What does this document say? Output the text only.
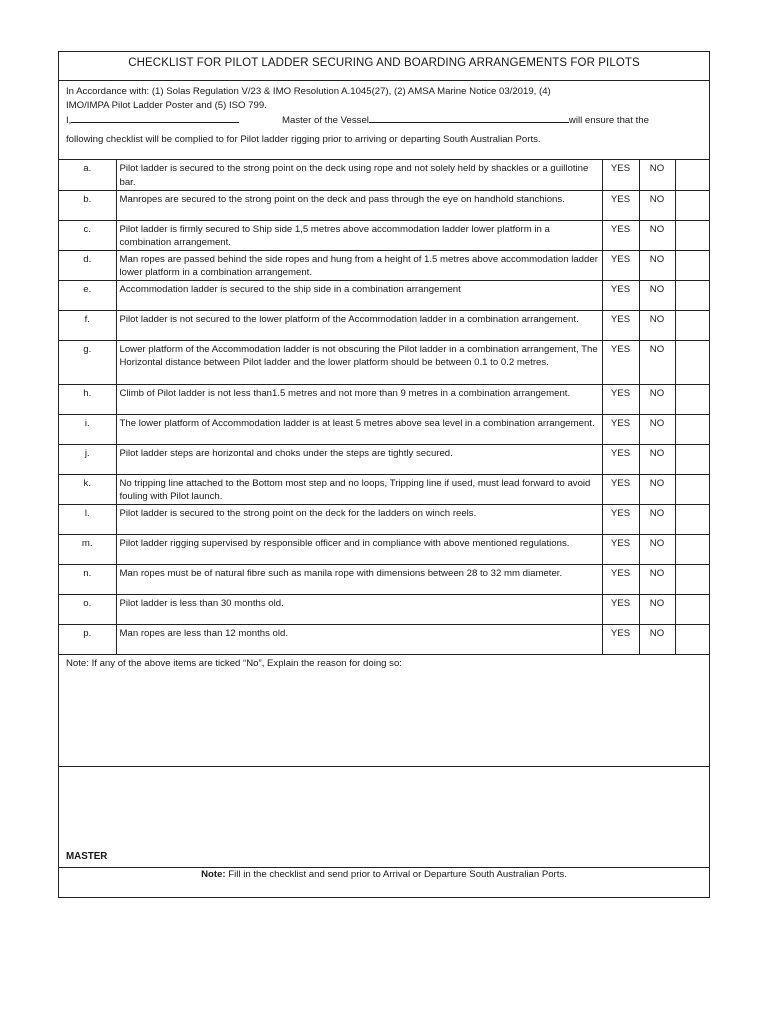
CHECKLIST FOR PILOT LADDER SECURING AND BOARDING ARRANGEMENTS FOR PILOTS
In Accordance with: (1) Solas Regulation V/23 & IMO Resolution A.1045(27), (2) AMSA Marine Notice 03/2019, (4)
IMO/IMPA Pilot Ladder Poster and (5) ISO 799.
I,	Master of the Vessel	will ensure that the
following checklist will be complied to for Pilot ladder rigging prior to arriving or departing South Australian Ports.
a.	Pilot ladder is secured to the strong point on the deck using rope and not solely held by shackles or a guillotine bar.	YES	NO	
b.	Manropes are secured to the strong point on the deck and pass through the eye on handhold stanchions.	YES	NO	
c.	Pilot ladder is firmly secured to Ship side 1,5 metres above accommodation ladder lower platform in a combination arrangement.	YES	NO	
d.	Man ropes are passed behind the side ropes and hung from a height of 1.5 metres above accommodation ladder lower platform in a combination arrangement.	YES	NO	
e.	Accommodation ladder is secured to the ship side in a combination arrangement	YES	NO	
f.	Pilot ladder is not secured to the lower platform of the Accommodation ladder in a combination arrangement.	YES	NO	
g.	Lower platform of the Accommodation ladder is not obscuring the Pilot ladder in a combination arrangement, The Horizontal distance between Pilot ladder and the lower platform should be between 0.1 to 0.2 metres.	YES	NO	
h.	Climb of Pilot ladder is not less than1.5 metres and not more than 9 metres in a combination arrangement.	YES	NO	
i.	The lower platform of Accommodation ladder is at least 5 metres above sea level in a combination arrangement.	YES	NO	
j.	Pilot ladder steps are horizontal and choks under the steps are tightly secured.	YES	NO	
k.	No tripping line attached to the Bottom most step and no loops, Tripping line if used, must lead forward to avoid fouling with Pilot launch.	YES	NO	
l.	Pilot ladder is secured to the strong point on the deck for the ladders on winch reels.	YES	NO	
m.	Pilot ladder rigging supervised by responsible officer and in compliance with above mentioned regulations.	YES	NO	
n.	Man ropes must be of natural fibre such as manila rope with dimensions between 28 to 32 mm diameter.	YES	NO	
o.	Pilot ladder is less than 30 months old.	YES	NO	
p.	Man ropes are less than 12 months old.	YES	NO	
Note: If any of the above items are ticked “No”, Explain the reason for doing so:
MASTER
Note: Fill in the checklist and send prior to Arrival or Departure South Australian Ports.
